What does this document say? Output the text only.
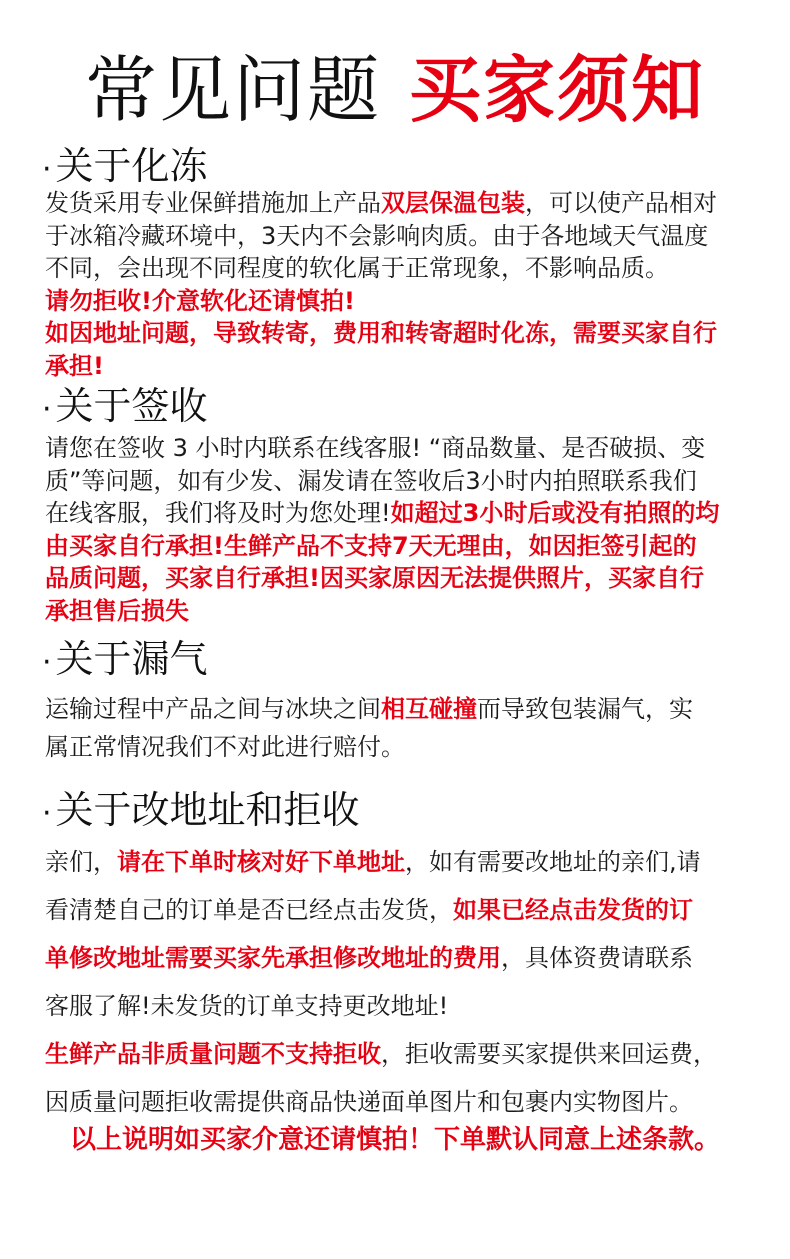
常见问题 买家须知
· 关于化冻
发货采用专业保鲜措施加上产品双层保温包装，可以使产品相对
于冰箱冷藏环境中，3天内不会影响肉质。由于各地域天气温度
不同，会出现不同程度的软化属于正常现象，不影响品质。
请勿拒收!介意软化还请慎拍!
如因地址问题，导致转寄，费用和转寄超时化冻，需要买家自行
承担!
· 关于签收
请您在签收 3 小时内联系在线客服! “商品数量、是否破损、变
质”等问题，如有少发、漏发请在签收后3小时内拍照联系我们
在线客服，我们将及时为您处理!如超过3小时后或没有拍照的均
由买家自行承担!生鲜产品不支持7天无理由，如因拒签引起的
品质问题，买家自行承担!因买家原因无法提供照片，买家自行
承担售后损失
· 关于漏气
运输过程中产品之间与冰块之间相互碰撞而导致包装漏气，实
属正常情况我们不对此进行赔付。
· 关于改地址和拒收
亲们，请在下单时核对好下单地址，如有需要改地址的亲们,请
看清楚自己的订单是否已经点击发货，如果已经点击发货的订
单修改地址需要买家先承担修改地址的费用，具体资费请联系
客服了解!未发货的订单支持更改地址!
生鲜产品非质量问题不支持拒收，拒收需要买家提供来回运费，
因质量问题拒收需提供商品快递面单图片和包裹内实物图片。
以上说明如买家介意还请慎拍！下单默认同意上述条款。
